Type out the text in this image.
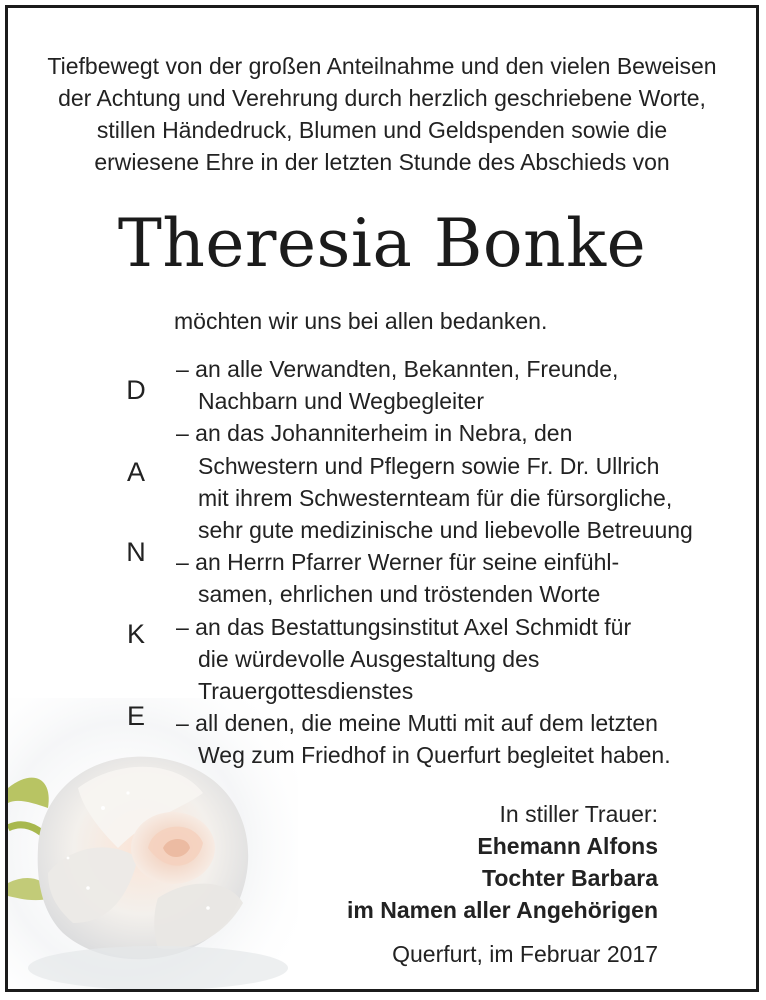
Tiefbewegt von der großen Anteilnahme und den vielen Beweisen
der Achtung und Verehrung durch herzlich geschriebene Worte,
stillen Händedruck, Blumen und Geldspenden sowie die
erwiesene Ehre in der letzten Stunde des Abschieds von
Theresia Bonke
möchten wir uns bei allen bedanken.
D
A
N
K
E
– an alle Verwandten, Bekannten, Freunde,
Nachbarn und Wegbegleiter
– an das Johanniterheim in Nebra, den
Schwestern und Pflegern sowie Fr. Dr. Ullrich
mit ihrem Schwesternteam für die fürsorgliche,
sehr gute medizinische und liebevolle Betreuung
– an Herrn Pfarrer Werner für seine einfühl-
samen, ehrlichen und tröstenden Worte
– an das Bestattungsinstitut Axel Schmidt für
die würdevolle Ausgestaltung des
Trauergottesdienstes
– all denen, die meine Mutti mit auf dem letzten
Weg zum Friedhof in Querfurt begleitet haben.
In stiller Trauer:
Ehemann Alfons
Tochter Barbara
im Namen aller Angehörigen
Querfurt, im Februar 2017
